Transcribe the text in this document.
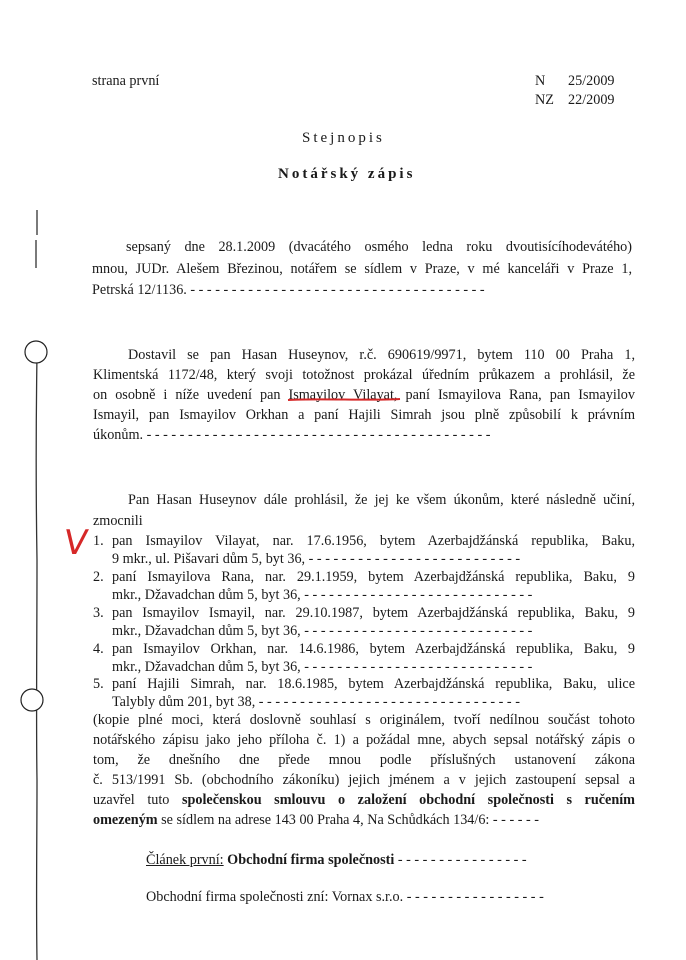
strana první	N 25/2009
NZ 22/2009
Stejnopis
Notářský zápis
sepsaný dne 28.1.2009 (dvacátého osmého ledna roku dvoutisícíhodevátého)
mnou, JUDr. Alešem Březinou, notářem se sídlem v Praze, v mé kanceláři v Praze 1,
Petrská 12/1136. - - - - - - - - - - - - - - - - - - - - - - - - - - - - - - - - - - - -
Dostavil se pan Hasan Huseynov, r.č. 690619/9971, bytem 110 00 Praha 1,
Klimentská 1172/48, který svoji totožnost prokázal úředním průkazem a prohlásil, že
on osobně i níže uvedení pan Ismayilov Vilayat, paní Ismayilova Rana, pan Ismayilov
Ismayil, pan Ismayilov Orkhan a paní Hajili Simrah jsou plně způsobilí k právním
úkonům. - - - - - - - - - - - - - - - - - - - - - - - - - - - - - - - - - - - - - - - - - -
Pan Hasan Huseynov dále prohlásil, že jej ke všem úkonům, které následně učiní,
zmocnili
1. pan Ismayilov Vilayat, nar. 17.6.1956, bytem Azerbajdžánská republika, Baku,
9 mkr., ul. Pišavari dům 5, byt 36, - - - - - - - - - - - - - - - - - - - - - - - - - -
2. paní Ismayilova Rana, nar. 29.1.1959, bytem Azerbajdžánská republika, Baku, 9
mkr., Džavadchan dům 5, byt 36, - - - - - - - - - - - - - - - - - - - - - - - - - - - -
3. pan Ismayilov Ismayil, nar. 29.10.1987, bytem Azerbajdžánská republika, Baku, 9
mkr., Džavadchan dům 5, byt 36, - - - - - - - - - - - - - - - - - - - - - - - - - - - -
4. pan Ismayilov Orkhan, nar. 14.6.1986, bytem Azerbajdžánská republika, Baku, 9
mkr., Džavadchan dům 5, byt 36, - - - - - - - - - - - - - - - - - - - - - - - - - - - -
5. paní Hajili Simrah, nar. 18.6.1985, bytem Azerbajdžánská republika, Baku, ulice
Talybly dům 201, byt 38, - - - - - - - - - - - - - - - - - - - - - - - - - - - - - - - -
(kopie plné moci, která doslovně souhlasí s originálem, tvoří nedílnou součást tohoto
notářského zápisu jako jeho příloha č. 1) a požádal mne, abych sepsal notářský zápis o
tom, že dnešního dne přede mnou podle příslušných ustanovení zákona
č. 513/1991 Sb. (obchodního zákoníku) jejich jménem a v jejich zastoupení sepsal a
uzavřel tuto společenskou smlouvu o založení obchodní společnosti s ručením
omezeným se sídlem na adrese 143 00 Praha 4, Na Schůdkách 134/6: - - - - - -
Článek první: Obchodní firma společnosti - - - - - - - - - - - - - - - -
Obchodní firma společnosti zní: Vornax s.r.o. - - - - - - - - - - - - - - - - -
V
